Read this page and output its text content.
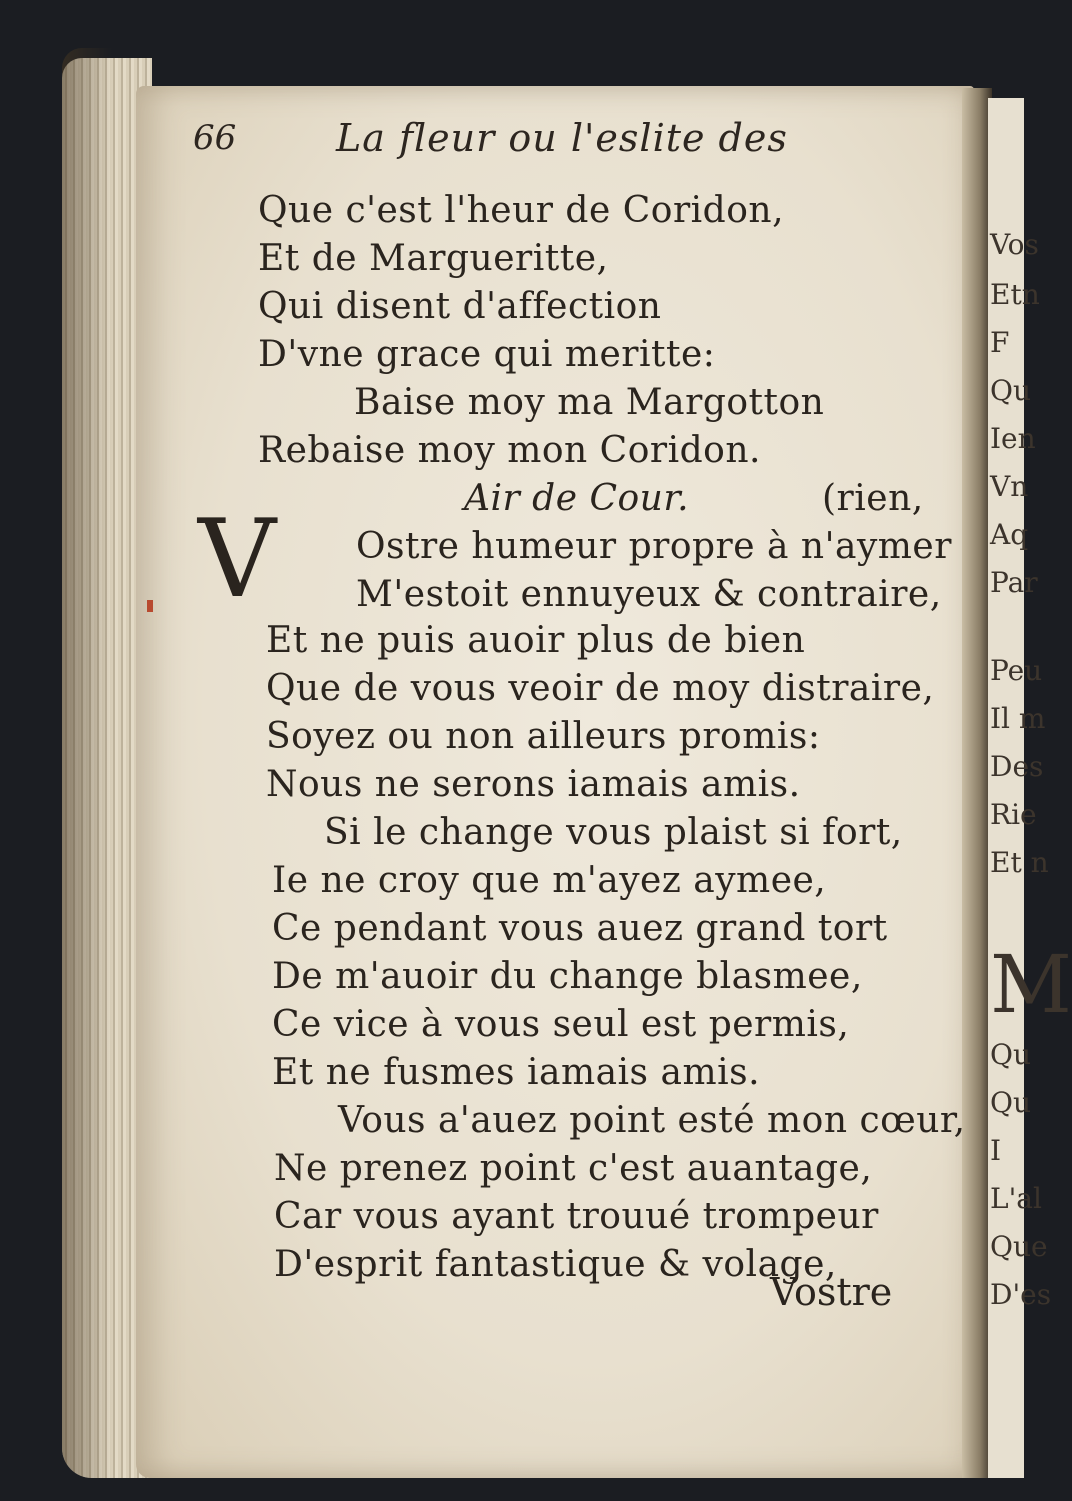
Vos
Etn
F
Qu
Ien
Vn
Aq
Par
Peu
Il m
Des
Rie
Et n
M
Qu
Qu
I
L'al
Que
D'es
66	La fleur ou l'eslite des
Que c'est l'heur de Coridon,
Et de Margueritte,
Qui disent d'affection
D'vne grace qui meritte:
Baise moy ma Margotton
Rebaise moy mon Coridon.
Air de Cour.	(rien,
Ostre humeur propre à n'aymer
M'estoit ennuyeux & contraire,
Et ne puis auoir plus de bien
Que de vous veoir de moy distraire,
Soyez ou non ailleurs promis:
Nous ne serons iamais amis.
Si le change vous plaist si fort,
Ie ne croy que m'ayez aymee,
Ce pendant vous auez grand tort
De m'auoir du change blasmee,
Ce vice à vous seul est permis,
Et ne fusmes iamais amis.
Vous a'auez point esté mon cœur,
Ne prenez point c'est auantage,
Car vous ayant trouué trompeur
D'esprit fantastique & volage,
V
Vostre
